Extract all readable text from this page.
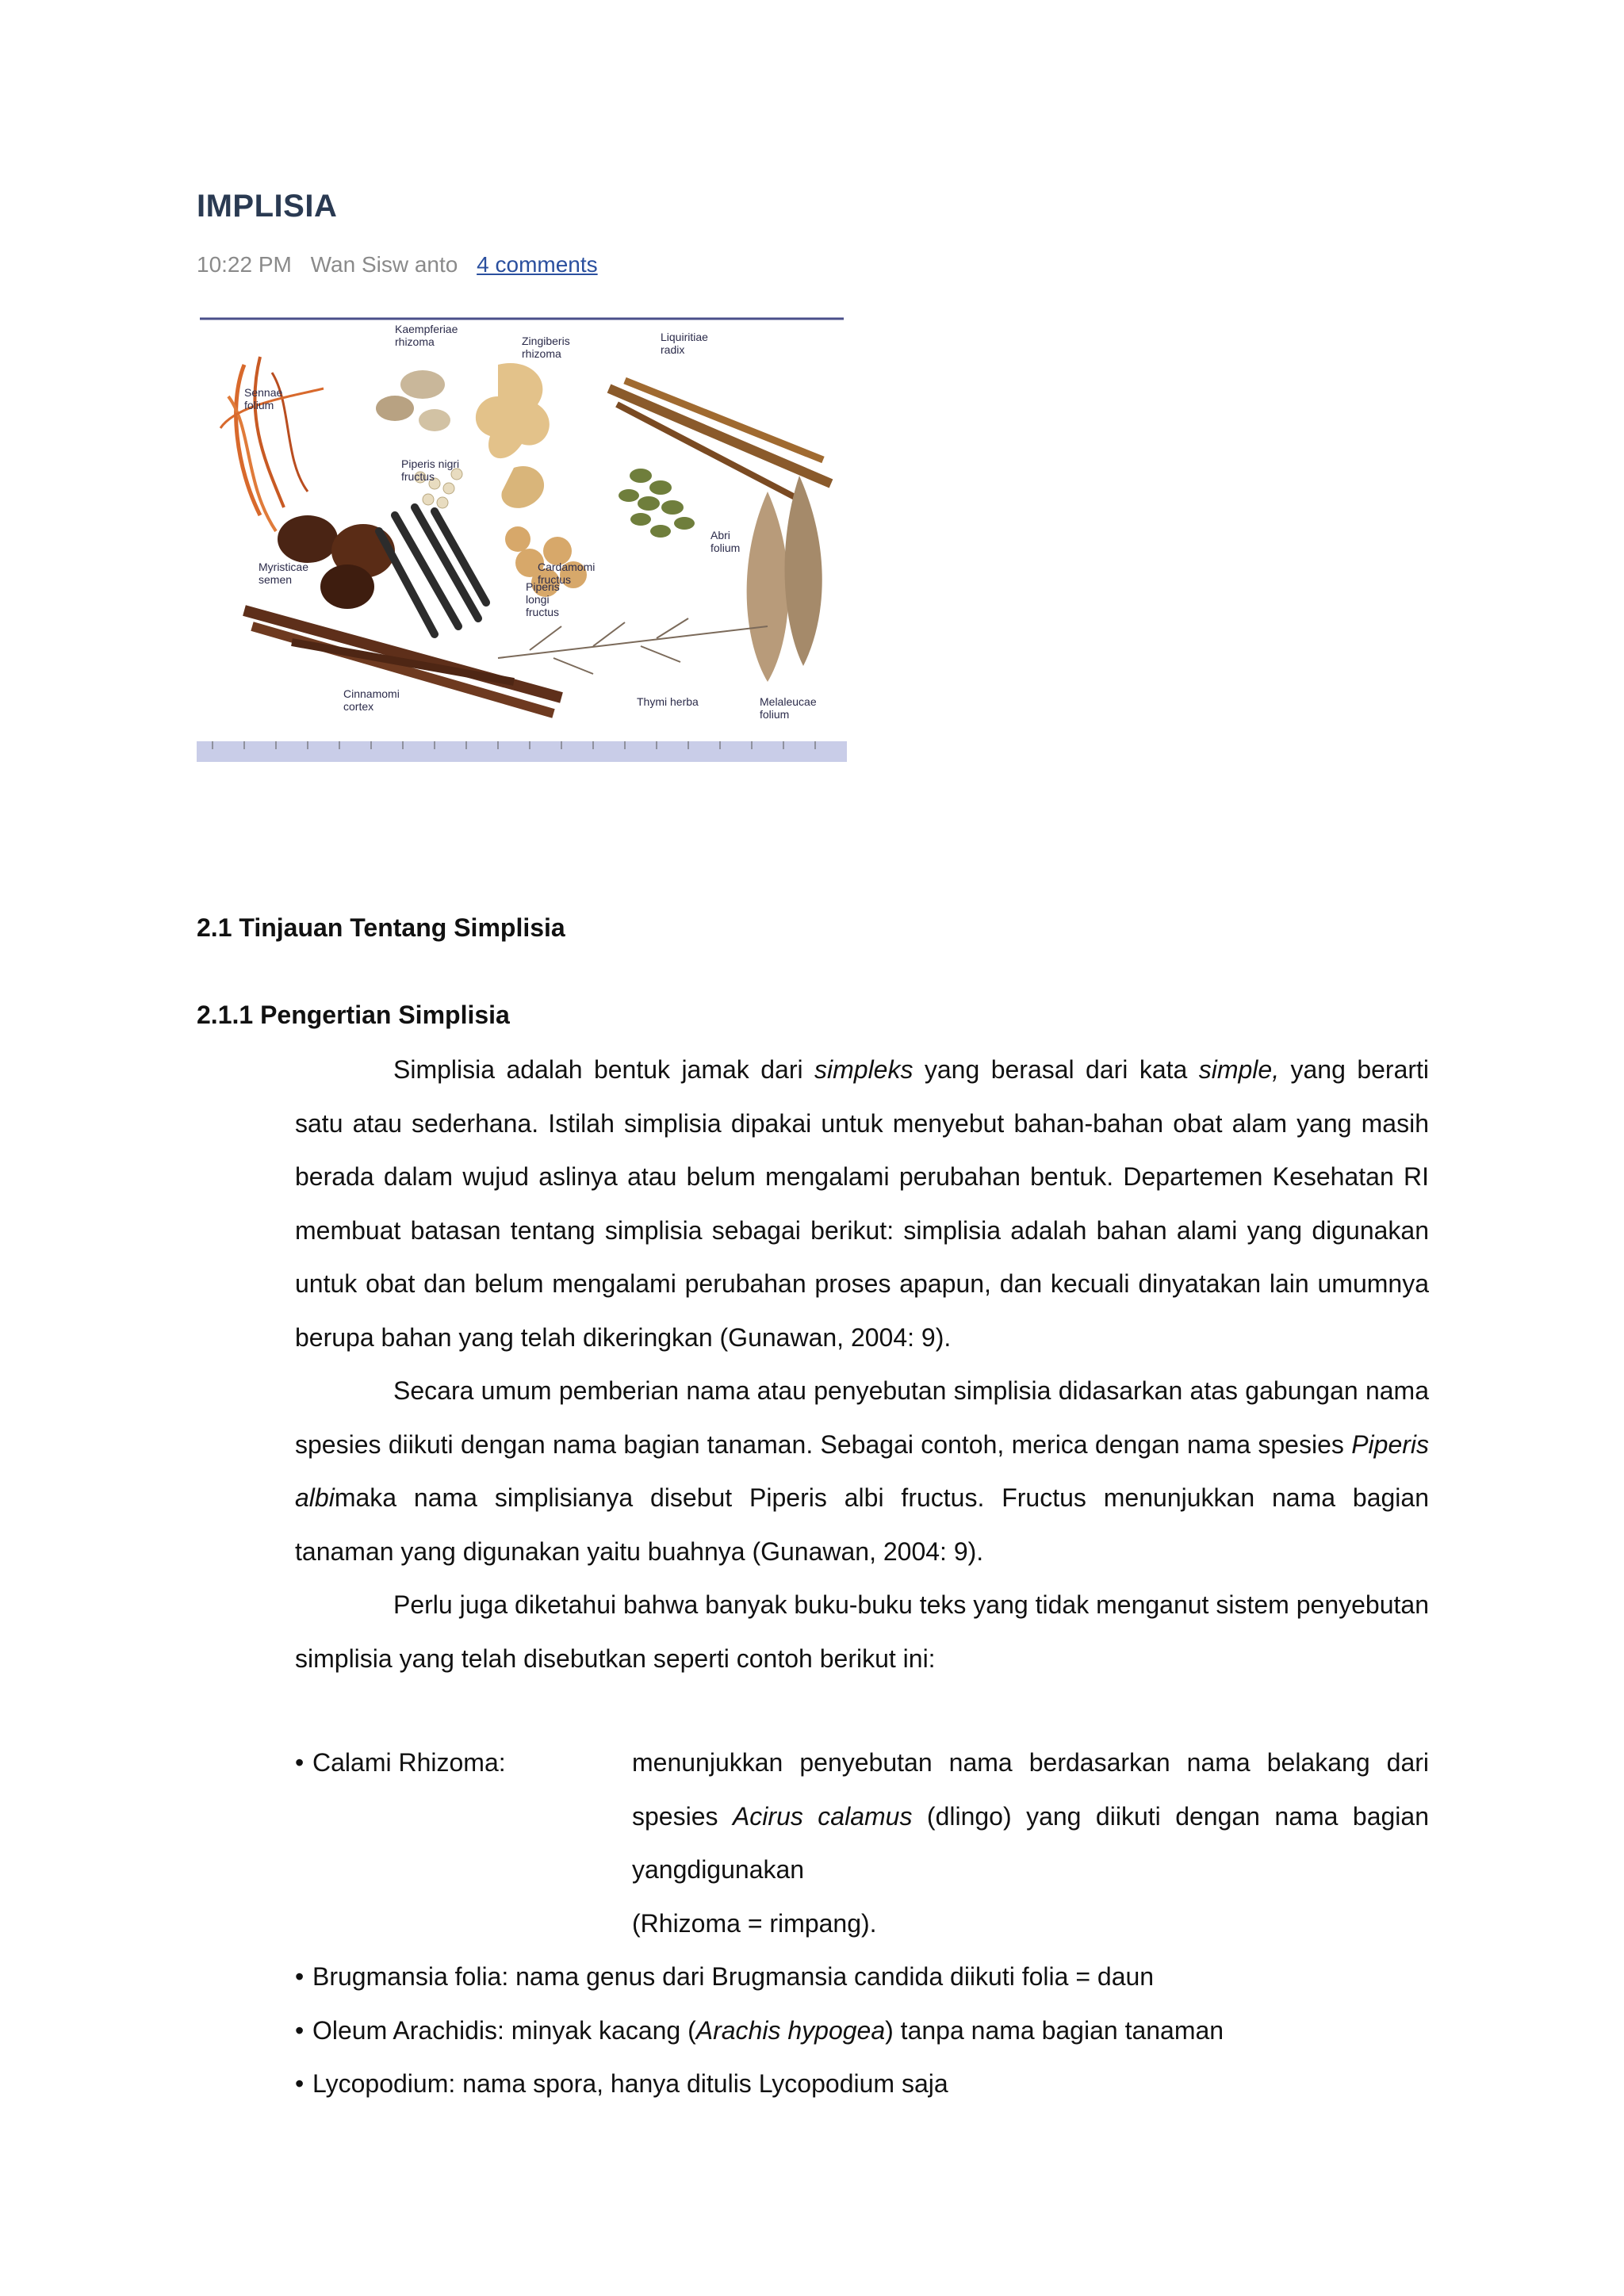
IMPLISIA
10:22 PM Wan Sisw anto 4 comments
Sennae folium
Kaempferiae rhizoma	Zingiberis rhizoma
Liquiritiae radix
Piperis nigri fructus
Myristicae semen
Cardamomi fructus
Abri folium
Piperis longi fructus
Thymi herba
Cinnamomi cortex	Melaleucae folium
2.1 Tinjauan Tentang Simplisia
2.1.1 Pengertian Simplisia

Simplisia adalah bentuk jamak dari simpleks yang berasal dari kata simple, yang berarti satu atau sederhana. Istilah simplisia dipakai untuk menyebut bahan-bahan obat alam yang masih berada dalam wujud aslinya atau belum mengalami perubahan bentuk. Departemen Kesehatan RI membuat batasan tentang simplisia sebagai berikut: simplisia adalah bahan alami yang digunakan untuk obat dan belum mengalami perubahan proses apapun, dan kecuali dinyatakan lain umumnya berupa bahan yang telah dikeringkan (Gunawan, 2004: 9).

Secara umum pemberian nama atau penyebutan simplisia didasarkan atas gabungan nama spesies diikuti dengan nama bagian tanaman. Sebagai contoh, merica dengan nama spesies Piperis albimaka nama simplisianya disebut Piperis albi fructus. Fructus menunjukkan nama bagian tanaman yang digunakan yaitu buahnya (Gunawan, 2004: 9).

Perlu juga diketahui bahwa banyak buku-buku teks yang tidak menganut sistem penyebutan simplisia yang telah disebutkan seperti contoh berikut ini:

• Calami Rhizoma:	menunjukkan penyebutan nama berdasarkan nama belakang dari
spesies Acirus calamus (dlingo) yang diikuti dengan nama bagian
yangdigunakan
(Rhizoma = rimpang).
• Brugmansia folia: nama genus dari Brugmansia candida diikuti folia = daun
• Oleum Arachidis: minyak kacang (Arachis hypogea) tanpa nama bagian tanaman
• Lycopodium: nama spora, hanya ditulis Lycopodium saja
